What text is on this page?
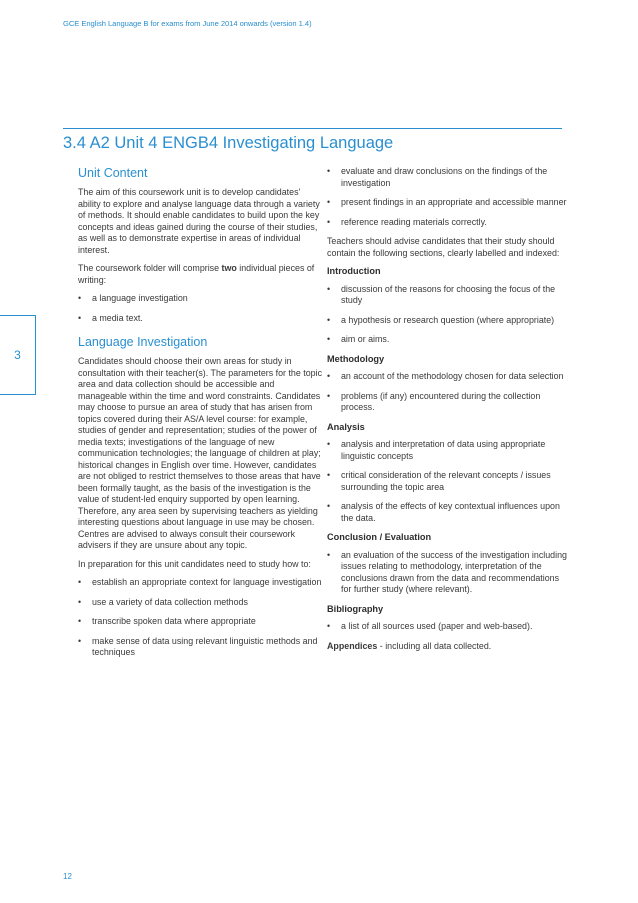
GCE English Language B for exams from June 2014 onwards (version 1.4)
3.4 A2 Unit 4 ENGB4 Investigating Language
3
Unit Content

The aim of this coursework unit is to develop candidates' ability to explore and analyse language data through a variety of methods. It should enable candidates to build upon the key concepts and ideas gained during the course of their studies, as well as to demonstrate expertise in areas of individual interest.

The coursework folder will comprise two individual pieces of writing:

• a language investigation
• a media text.
Language Investigation

Candidates should choose their own areas for study in consultation with their teacher(s). The parameters for the topic area and data collection should be accessible and manageable within the time and word constraints. Candidates may choose to pursue an area of study that has arisen from topics covered during their AS/A level course: for example, studies of gender and representation; studies of the power of media texts; investigations of the language of new communication technologies; the language of children at play; historical changes in English over time. However, candidates are not obliged to restrict themselves to those areas that have been formally taught, as the basis of the investigation is the value of student-led enquiry supported by open learning. Therefore, any area seen by supervising teachers as yielding interesting questions about language in use may be chosen. Centres are advised to always consult their coursework advisers if they are unsure about any topic.

In preparation for this unit candidates need to study how to:

• establish an appropriate context for language investigation
• use a variety of data collection methods
• transcribe spoken data where appropriate
• make sense of data using relevant linguistic methods and techniques
• evaluate and draw conclusions on the findings of the investigation
• present findings in an appropriate and accessible manner
• reference reading materials correctly.

Teachers should advise candidates that their study should contain the following sections, clearly labelled and indexed:

Introduction
• discussion of the reasons for choosing the focus of the study
• a hypothesis or research question (where appropriate)
• aim or aims.
Methodology
• an account of the methodology chosen for data selection
• problems (if any) encountered during the collection process.
Analysis
• analysis and interpretation of data using appropriate linguistic concepts
• critical consideration of the relevant concepts / issues surrounding the topic area
• analysis of the effects of key contextual influences upon the data.
Conclusion / Evaluation
• an evaluation of the success of the investigation including issues relating to methodology, interpretation of the conclusions drawn from the data and recommendations for further study (where relevant).
Bibliography
• a list of all sources used (paper and web-based).

Appendices - including all data collected.

12
